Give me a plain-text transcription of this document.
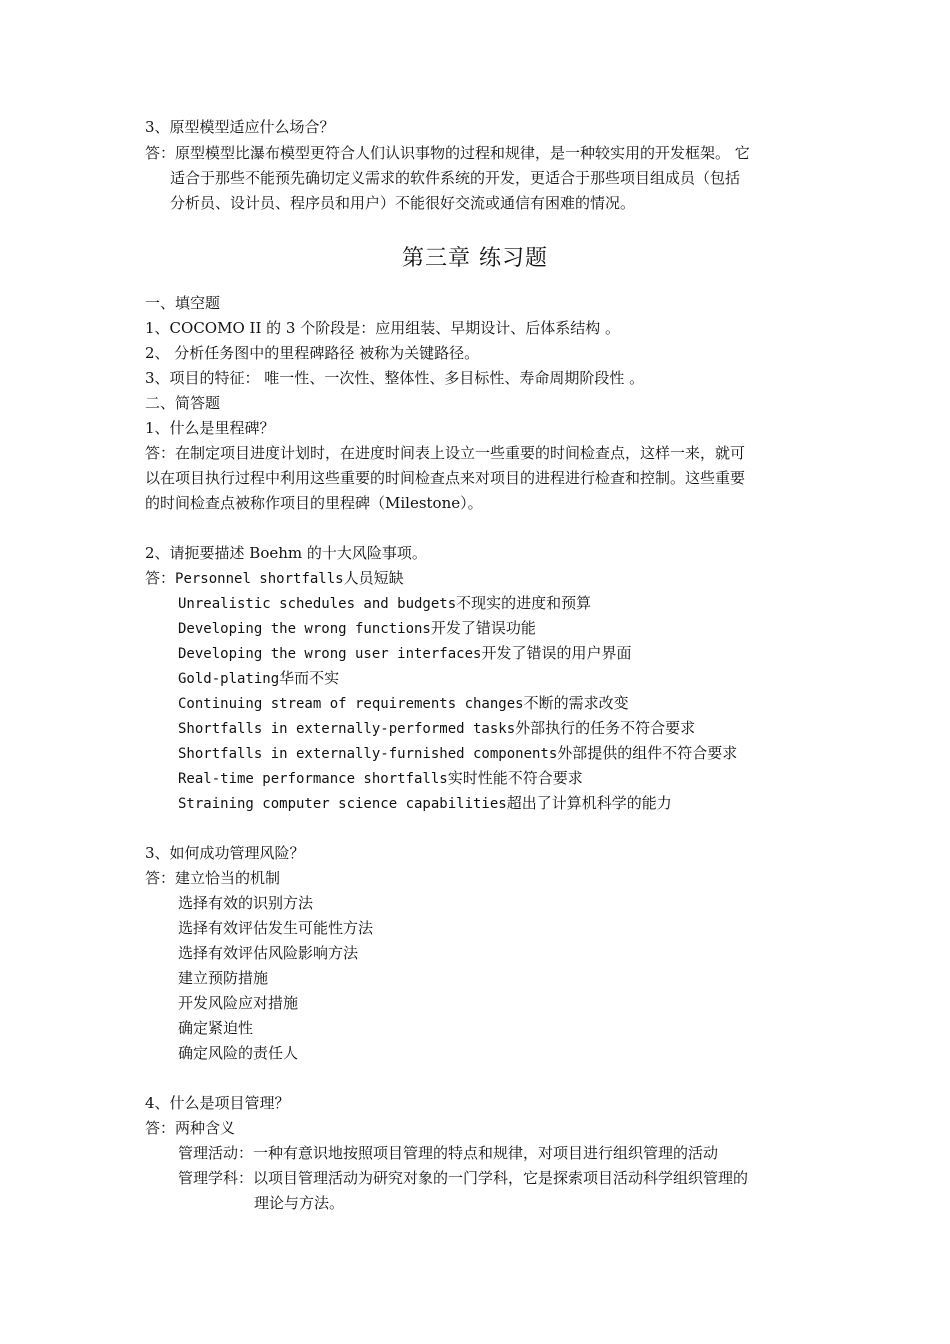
3、原型模型适应什么场合？
答：原型模型比瀑布模型更符合人们认识事物的过程和规律，是一种较实用的开发框架。 它
适合于那些不能预先确切定义需求的软件系统的开发，更适合于那些项目组成员（包括
分析员、设计员、程序员和用户）不能很好交流或通信有困难的情况。
第三章 练习题
一、填空题
1、COCOMO II 的 3 个阶段是：应用组装、早期设计、后体系结构 。
2、 分析任务图中的里程碑路径 被称为关键路径。
3、项目的特征： 唯一性、一次性、整体性、多目标性、寿命周期阶段性 。
二、简答题
1、什么是里程碑？
答：在制定项目进度计划时，在进度时间表上设立一些重要的时间检查点，这样一来，就可
以在项目执行过程中利用这些重要的时间检查点来对项目的进程进行检查和控制。这些重要
的时间检查点被称作项目的里程碑（Milestone）。
2、请扼要描述 Boehm 的十大风险事项。
答：Personnel shortfalls人员短缺
Unrealistic schedules and budgets不现实的进度和预算
Developing the wrong functions开发了错误功能
Developing the wrong user interfaces开发了错误的用户界面
Gold-plating华而不实
Continuing stream of requirements changes不断的需求改变
Shortfalls in externally-performed tasks外部执行的任务不符合要求
Shortfalls in externally-furnished components外部提供的组件不符合要求
Real-time performance shortfalls实时性能不符合要求
Straining computer science capabilities超出了计算机科学的能力
3、如何成功管理风险？
答：建立恰当的机制
选择有效的识别方法
选择有效评估发生可能性方法
选择有效评估风险影响方法
建立预防措施
开发风险应对措施
确定紧迫性
确定风险的责任人
4、什么是项目管理？
答：两种含义
管理活动：一种有意识地按照项目管理的特点和规律，对项目进行组织管理的活动
管理学科：以项目管理活动为研究对象的一门学科，它是探索项目活动科学组织管理的
理论与方法。
